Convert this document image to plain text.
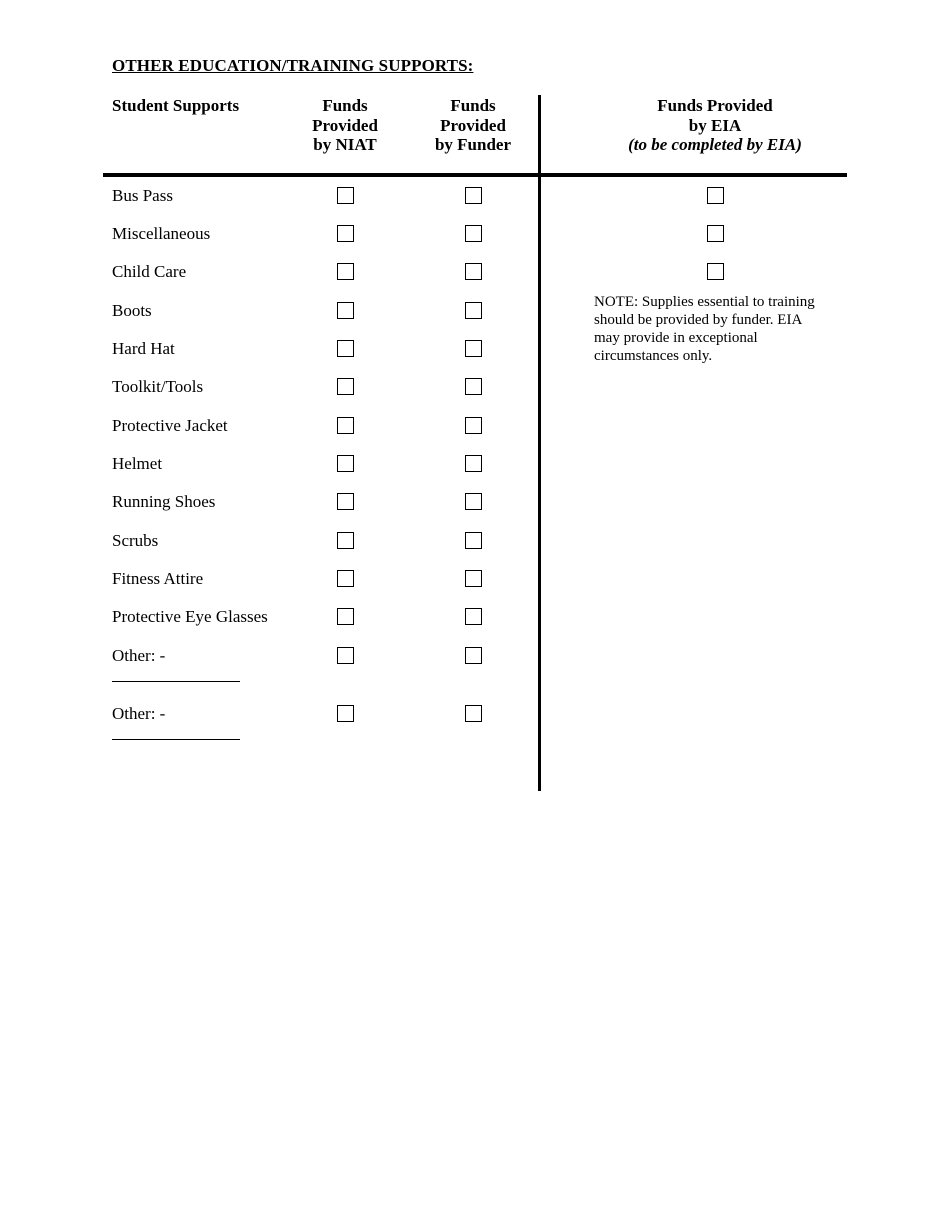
OTHER EDUCATION/TRAINING SUPPORTS:
Student Supports	Funds
Provided
by NIAT
Funds
Provided
by Funder
Funds Provided
by EIA
(to be completed by EIA)
Bus Pass
Miscellaneous
Child Care
Boots
Hard Hat
Toolkit/Tools
Protective Jacket
Helmet
Running Shoes
Scrubs
Fitness Attire
Protective Eye Glasses
Other: -
Other: -
NOTE: Supplies essential to training
should be provided by funder. EIA
may provide in exceptional
circumstances only.
